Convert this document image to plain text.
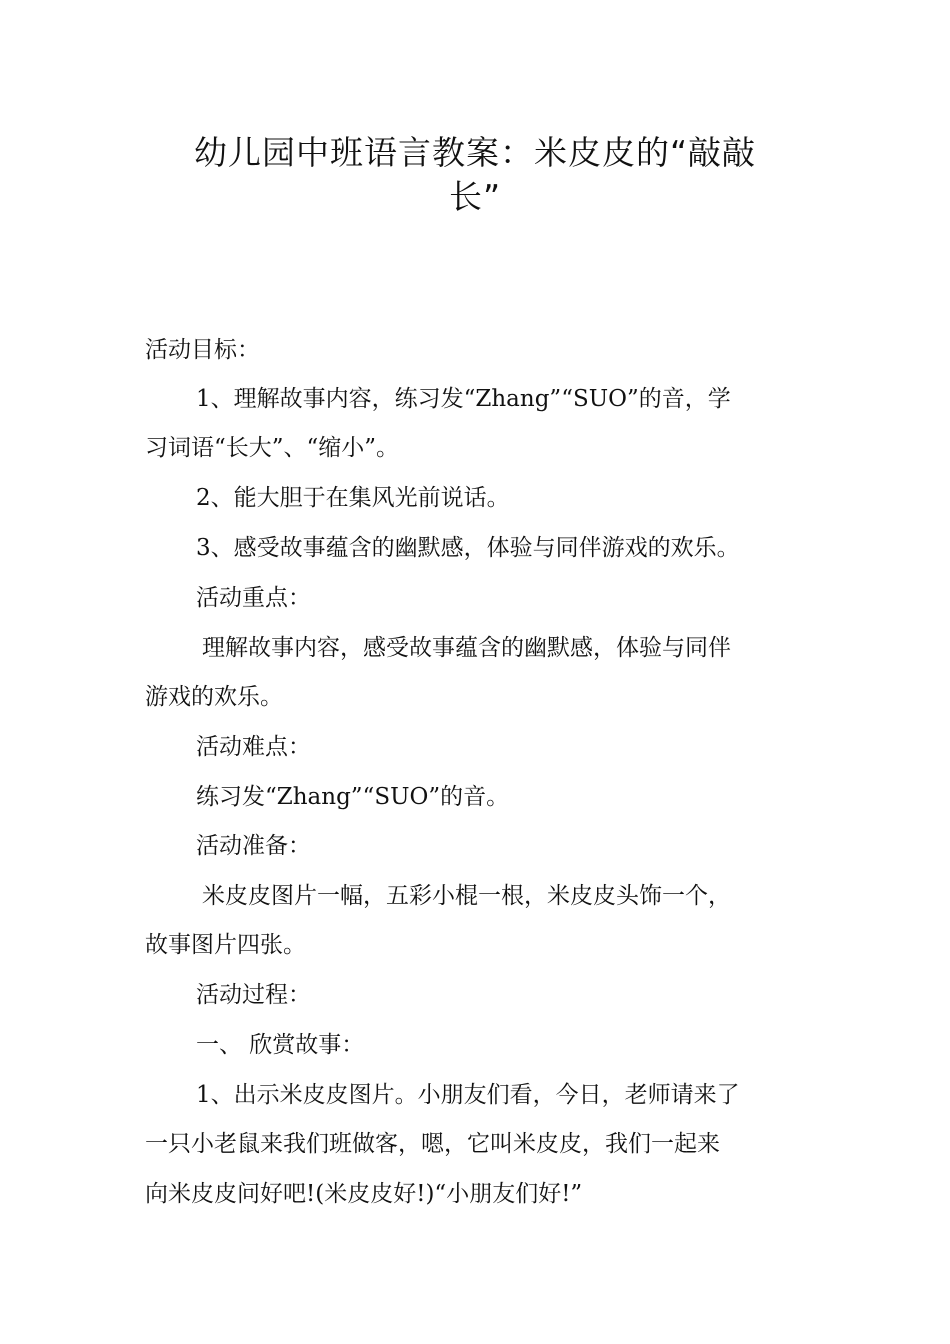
幼儿园中班语言教案：米皮皮的“敲敲
长”
活动目标：
1、理解故事内容，练习发“Zhang”“SUO”的音，学
习词语“长大”、“缩小”。
2、能大胆于在集风光前说话。
3、感受故事蕴含的幽默感，体验与同伴游戏的欢乐。
活动重点：
理解故事内容，感受故事蕴含的幽默感，体验与同伴
游戏的欢乐。
活动难点：
练习发“Zhang”“SUO”的音。
活动准备：
米皮皮图片一幅，五彩小棍一根，米皮皮头饰一个，
故事图片四张。
活动过程：
一、 欣赏故事：
1、出示米皮皮图片。小朋友们看，今日，老师请来了
一只小老鼠来我们班做客，嗯，它叫米皮皮，我们一起来
向米皮皮问好吧!(米皮皮好!)“小朋友们好!”
